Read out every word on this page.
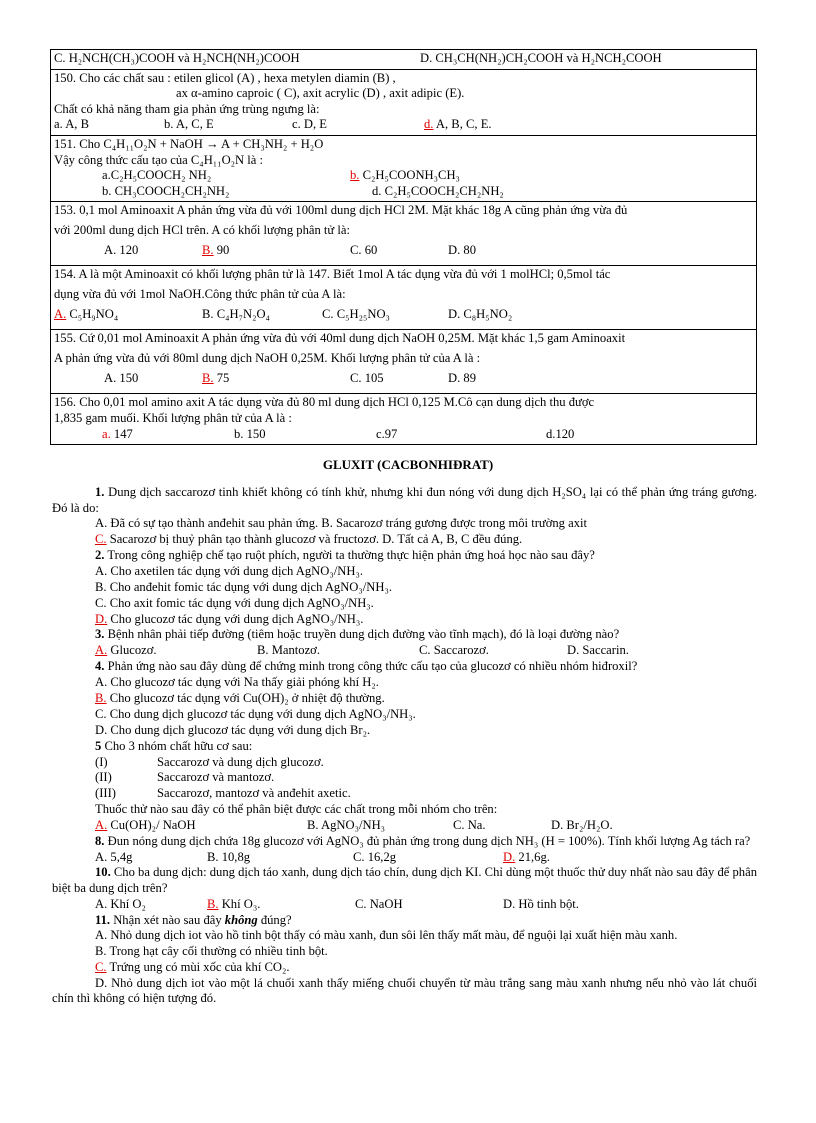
C. H₂NCH(CH₃)COOH và H₂NCH(NH₂)COOH	D. CH₃CH(NH₂)CH₂COOH và H₂NCH₂COOH
150. Cho các chất sau : etilen glicol (A) , hexa metylen diamin (B) ,
ax α-amino caproic ( C), axit acrylic (D) , axit adipic (E).
Chất có khả năng tham gia phản ứng trùng ngưng là:
a. A, B	b. A, C, E	c. D, E	d. A, B, C, E.
151. Cho C₄H₁₁O₂N + NaOH → A + CH₃NH₂ + H₂O
Vậy công thức cấu tạo của C₄H₁₁O₂N là :
a.C₂H₅COOCH₂ NH₂	b. C₂H₅COONH₃CH₃
b. CH₃COOCH₂CH₂NH₂	d. C₂H₅COOCH₂CH₂NH₂
153. 0,1 mol Aminoaxit A phản ứng vừa đủ với 100ml dung dịch HCl 2M. Mặt khác 18g A cũng phản ứng vừa đủ
với 200ml dung dịch HCl trên. A có khối lượng phân tử là:
A. 120	B. 90	C. 60	D. 80
154. A là một Aminoaxit có khối lượng phân tử là 147. Biết 1mol A tác dụng vừa đủ với 1 molHCl; 0,5mol tác
dụng vừa đủ với 1mol NaOH.Công thức phân tử của A là:
A. C₅H₉NO₄	B. C₄H₇N₂O₄	C. C₅H₂₅NO₃	D. C₈H₅NO₂
155. Cứ 0,01 mol Aminoaxit A phản ứng vừa đủ với 40ml dung dịch NaOH 0,25M. Mặt khác 1,5 gam Aminoaxit
A phản ứng vừa đủ với 80ml dung dịch NaOH 0,25M. Khối lượng phân tử của A là :
A. 150	B. 75	C. 105	D. 89
156. Cho 0,01 mol amino axit A tác dụng vừa đủ 80 ml dung dịch HCl 0,125 M.Cô cạn dung dịch thu được
1,835 gam muối. Khối lượng phân tử của A là :
a. 147	b. 150	c.97	d.120
GLUXIT (CACBONHIĐRAT)
1. Dung dịch saccarozơ tinh khiết không có tính khử, nhưng khi đun nóng với dung dịch H₂SO₄ lại có thể phản ứng tráng gương. Đó là do:
A. Đã có sự tạo thành anđehit sau phản ứng. B. Sacarozơ tráng gương được trong môi trường axit
C. Sacarozơ bị thuỷ phân tạo thành glucozơ và fructozơ. D. Tất cả A, B, C đều đúng.
2. Trong công nghiệp chế tạo ruột phích, người ta thường thực hiện phản ứng hoá học nào sau đây?
A. Cho axetilen tác dụng với dung dịch AgNO₃/NH₃.
B. Cho anđehit fomic tác dụng với dung dịch AgNO₃/NH₃.
C. Cho axit fomic tác dụng với dung dịch AgNO₃/NH₃.
D. Cho glucozơ tác dụng với dung dịch AgNO₃/NH₃.
3. Bệnh nhân phải tiếp đường (tiêm hoặc truyền dung dịch đường vào tĩnh mạch), đó là loại đường nào?
A. Glucozơ.	B. Mantozơ.	C. Saccarozơ.	D. Saccarin.
4. Phản ứng nào sau đây dùng để chứng minh trong công thức cấu tạo của glucozơ có nhiều nhóm hiđroxil?
A. Cho glucozơ tác dụng với Na thấy giải phóng khí H₂.
B. Cho glucozơ tác dụng với Cu(OH)₂ ở nhiệt độ thường.
C. Cho dung dịch glucozơ tác dụng với dung dịch AgNO₃/NH₃.
D. Cho dung dịch glucozơ tác dụng với dung dịch Br₂.
5 Cho 3 nhóm chất hữu cơ sau:
(I)	Saccarozơ và dung dịch glucozơ.
(II)	Saccarozơ và mantozơ.
(III)	Saccarozơ, mantozơ và anđehit axetic.
Thuốc thử nào sau đây có thể phân biệt được các chất trong mỗi nhóm cho trên:
A. Cu(OH)₂/ NaOH	B. AgNO₃/NH₃	C. Na.	D. Br₂/H₂O.
8. Đun nóng dung dịch chứa 18g glucozơ với AgNO₃ đủ phản ứng trong dung dịch NH₃ (H = 100%). Tính khối lượng Ag tách ra?
A. 5,4g	B. 10,8g	C. 16,2g	D. 21,6g.
10. Cho ba dung dịch: dung dịch táo xanh, dung dịch táo chín, dung dịch KI. Chỉ dùng một thuốc thử duy nhất nào sau đây để phân biệt ba dung dịch trên?
A. Khí O₂	B. Khí O₃.	C. NaOH	D. Hồ tinh bột.
11. Nhận xét nào sau đây không đúng?
A. Nhỏ dung dịch iot vào hồ tinh bột thấy có màu xanh, đun sôi lên thấy mất màu, để nguội lại xuất hiện màu xanh.
B. Trong hạt cây cối thường có nhiều tinh bột.
C. Trứng ung có mùi xốc của khí CO₂.
D. Nhỏ dung dịch iot vào một lá chuối xanh thấy miếng chuối chuyển từ màu trắng sang màu xanh nhưng nếu nhỏ vào lát chuối chín thì không có hiện tượng đó.
